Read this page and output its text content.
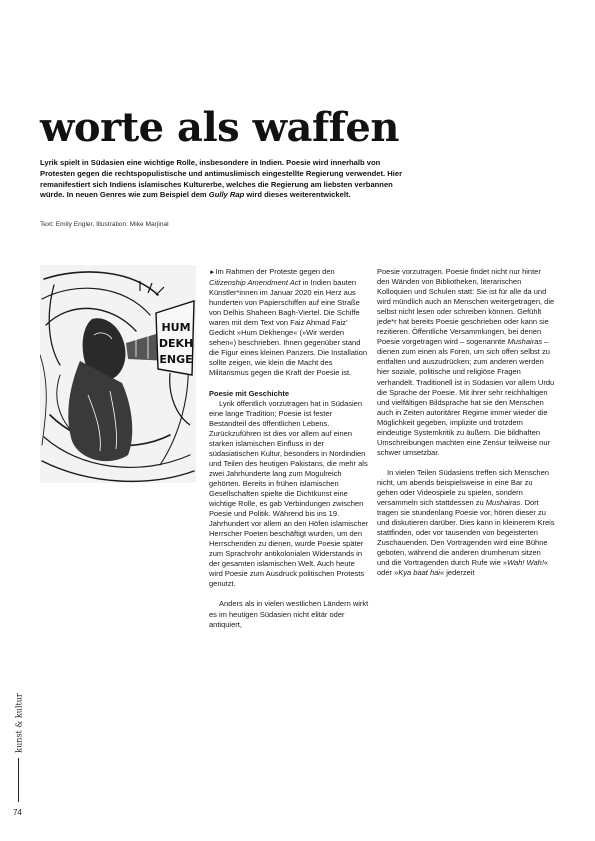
worte als waffen

Lyrik spielt in Südasien eine wichtige Rolle, insbesondere in Indien. Poesie wird innerhalb von Protesten gegen die rechtspopulistische und antimuslimisch eingestellte Regierung verwendet. Hier remanifestiert sich Indiens islamisches Kulturerbe, welches die Regierung am liebsten verbannen würde. In neuen Genres wie zum Beispiel dem Gully Rap wird dieses weiterentwickelt.

Text: Emily Engler, Illustration: Mike Marjinal

HUM
DEKH
ENGE

►Im Rahmen der Proteste gegen den Citizenship Amendment Act in Indien bauten Künstler*innen im Januar 2020 ein Herz aus hunderten von Papierschiffen auf eine Straße von Delhis Shaheen Bagh-Viertel. Die Schiffe waren mit dem Text von Faiz Ahmad Faiz’ Gedicht »Hum Dekhenge« (»Wir werden sehen«) beschrieben. Ihnen gegenüber stand die Figur eines kleinen Panzers. Die Installation sollte zeigen, wie klein die Macht des Militarismus gegen die Kraft der Poesie ist.

Poesie mit Geschichte

Lyrik öffentlich vorzutragen hat in Südasien eine lange Tradition; Poesie ist fester Bestandteil des öffentlichen Lebens. Zurückzuführen ist dies vor allem auf einen starken islamischen Einfluss in der südasiatischen Kultur, besonders in Nordindien und Teilen des heutigen Pakistans, die mehr als zwei Jahrhunderte lang zum Mogulreich gehörten. Bereits in frühen islamischen Gesellschaften spielte die Dichtkunst eine wichtige Rolle, es gab Verbindungen zwischen Poesie und Politik. Während bis ins 19. Jahrhundert vor allem an den Höfen islamischer Herrscher Poeten beschäftigt wurden, um den Herrschenden zu dienen, wurde Poesie später zum Sprachrohr antikolonialen Widerstands in der gesamten islamischen Welt. Auch heute wird Poesie zum Ausdruck politischen Protests genutzt.

Anders als in vielen westlichen Ländern wirkt es im heutigen Südasien nicht elitär oder antiquiert,

Poesie vorzutragen. Poesie findet nicht nur hinter den Wänden von Bibliotheken, literarischen Kolloquien und Schulen statt: Sie ist für alle da und wird mündlich auch an Menschen weitergetragen, die selbst nicht lesen oder schreiben können. Gefühlt jede*r hat bereits Poesie geschrieben oder kann sie rezitieren. Öffentliche Versammlungen, bei denen Poesie vorgetragen wird – sogenannte Mushairas – dienen zum einen als Foren, um sich offen selbst zu entfalten und auszudrücken; zum anderen werden hier soziale, politische und religiöse Fragen verhandelt. Traditionell ist in Südasien vor allem Urdu die Sprache der Poesie. Mit ihrer sehr reichhaltigen und vielfältigen Bildsprache hat sie den Menschen auch in Zeiten autoritärer Regime immer wieder die Möglichkeit gegeben, implizite und trotzdem eindeutige Systemkritik zu äußern. Die bildhaften Umschreibungen machten eine Zensur teilweise nur schwer umsetzbar.

In vielen Teilen Südasiens treffen sich Menschen nicht, um abends beispielsweise in eine Bar zu gehen oder Videospiele zu spielen, sondern versammeln sich stattdessen zu Mushairas. Dort tragen sie stundenlang Poesie vor, hören dieser zu und diskutieren darüber. Dies kann in kleinerem Kreis stattfinden, oder vor tausenden von begeisterten Zuschauenden. Den Vortragenden wird eine Bühne geboten, während die anderen drumherum sitzen und die Vortragenden durch Rufe wie »Wah! Wah!« oder »Kya baat hai« jederzeit

kunst & kultur
74
